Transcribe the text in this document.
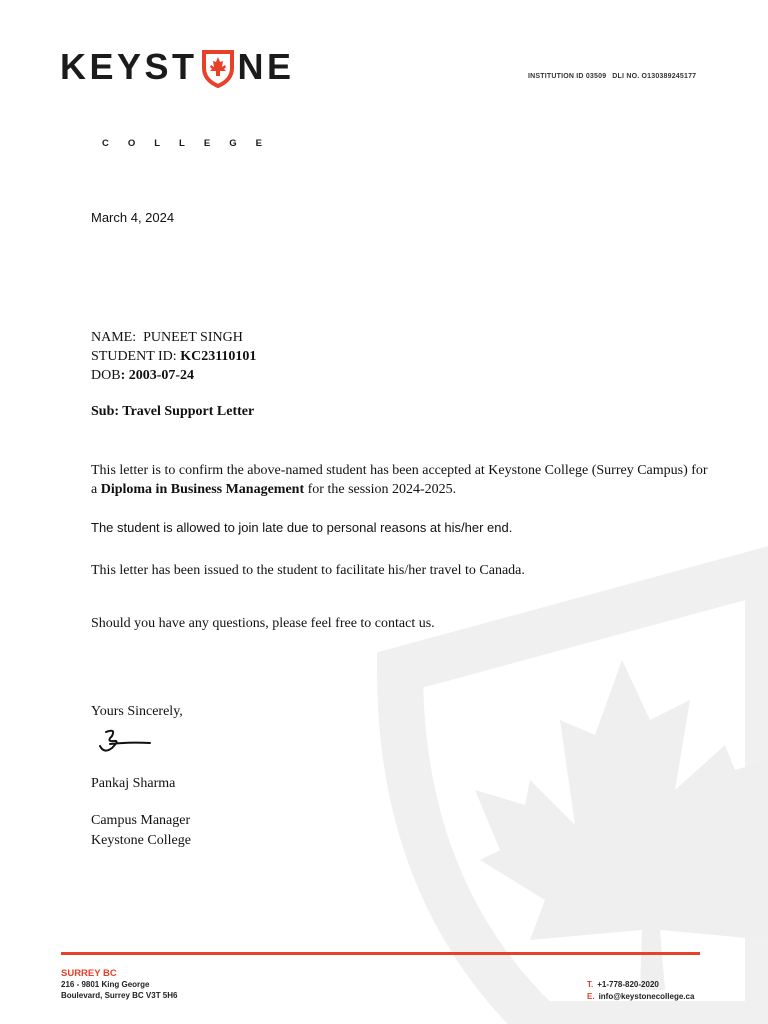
KEYST NE
COLLEGE
INSTITUTION ID 03509 DLI NO. O130389245177
March 4, 2024
NAME: PUNEET SINGH
STUDENT ID: KC23110101
DOB: 2003-07-24
Sub: Travel Support Letter
This letter is to confirm the above-named student has been accepted at Keystone College (Surrey Campus) for a Diploma in Business Management for the session 2024-2025.
The student is allowed to join late due to personal reasons at his/her end.
This letter has been issued to the student to facilitate his/her travel to Canada.
Should you have any questions, please feel free to contact us.
Yours Sincerely,
Pankaj Sharma
Campus Manager
Keystone College
SURREY BC
216 - 9801 King George
Boulevard, Surrey BC V3T 5H6
T. +1-778-820-2020
E. info@keystonecollege.ca
